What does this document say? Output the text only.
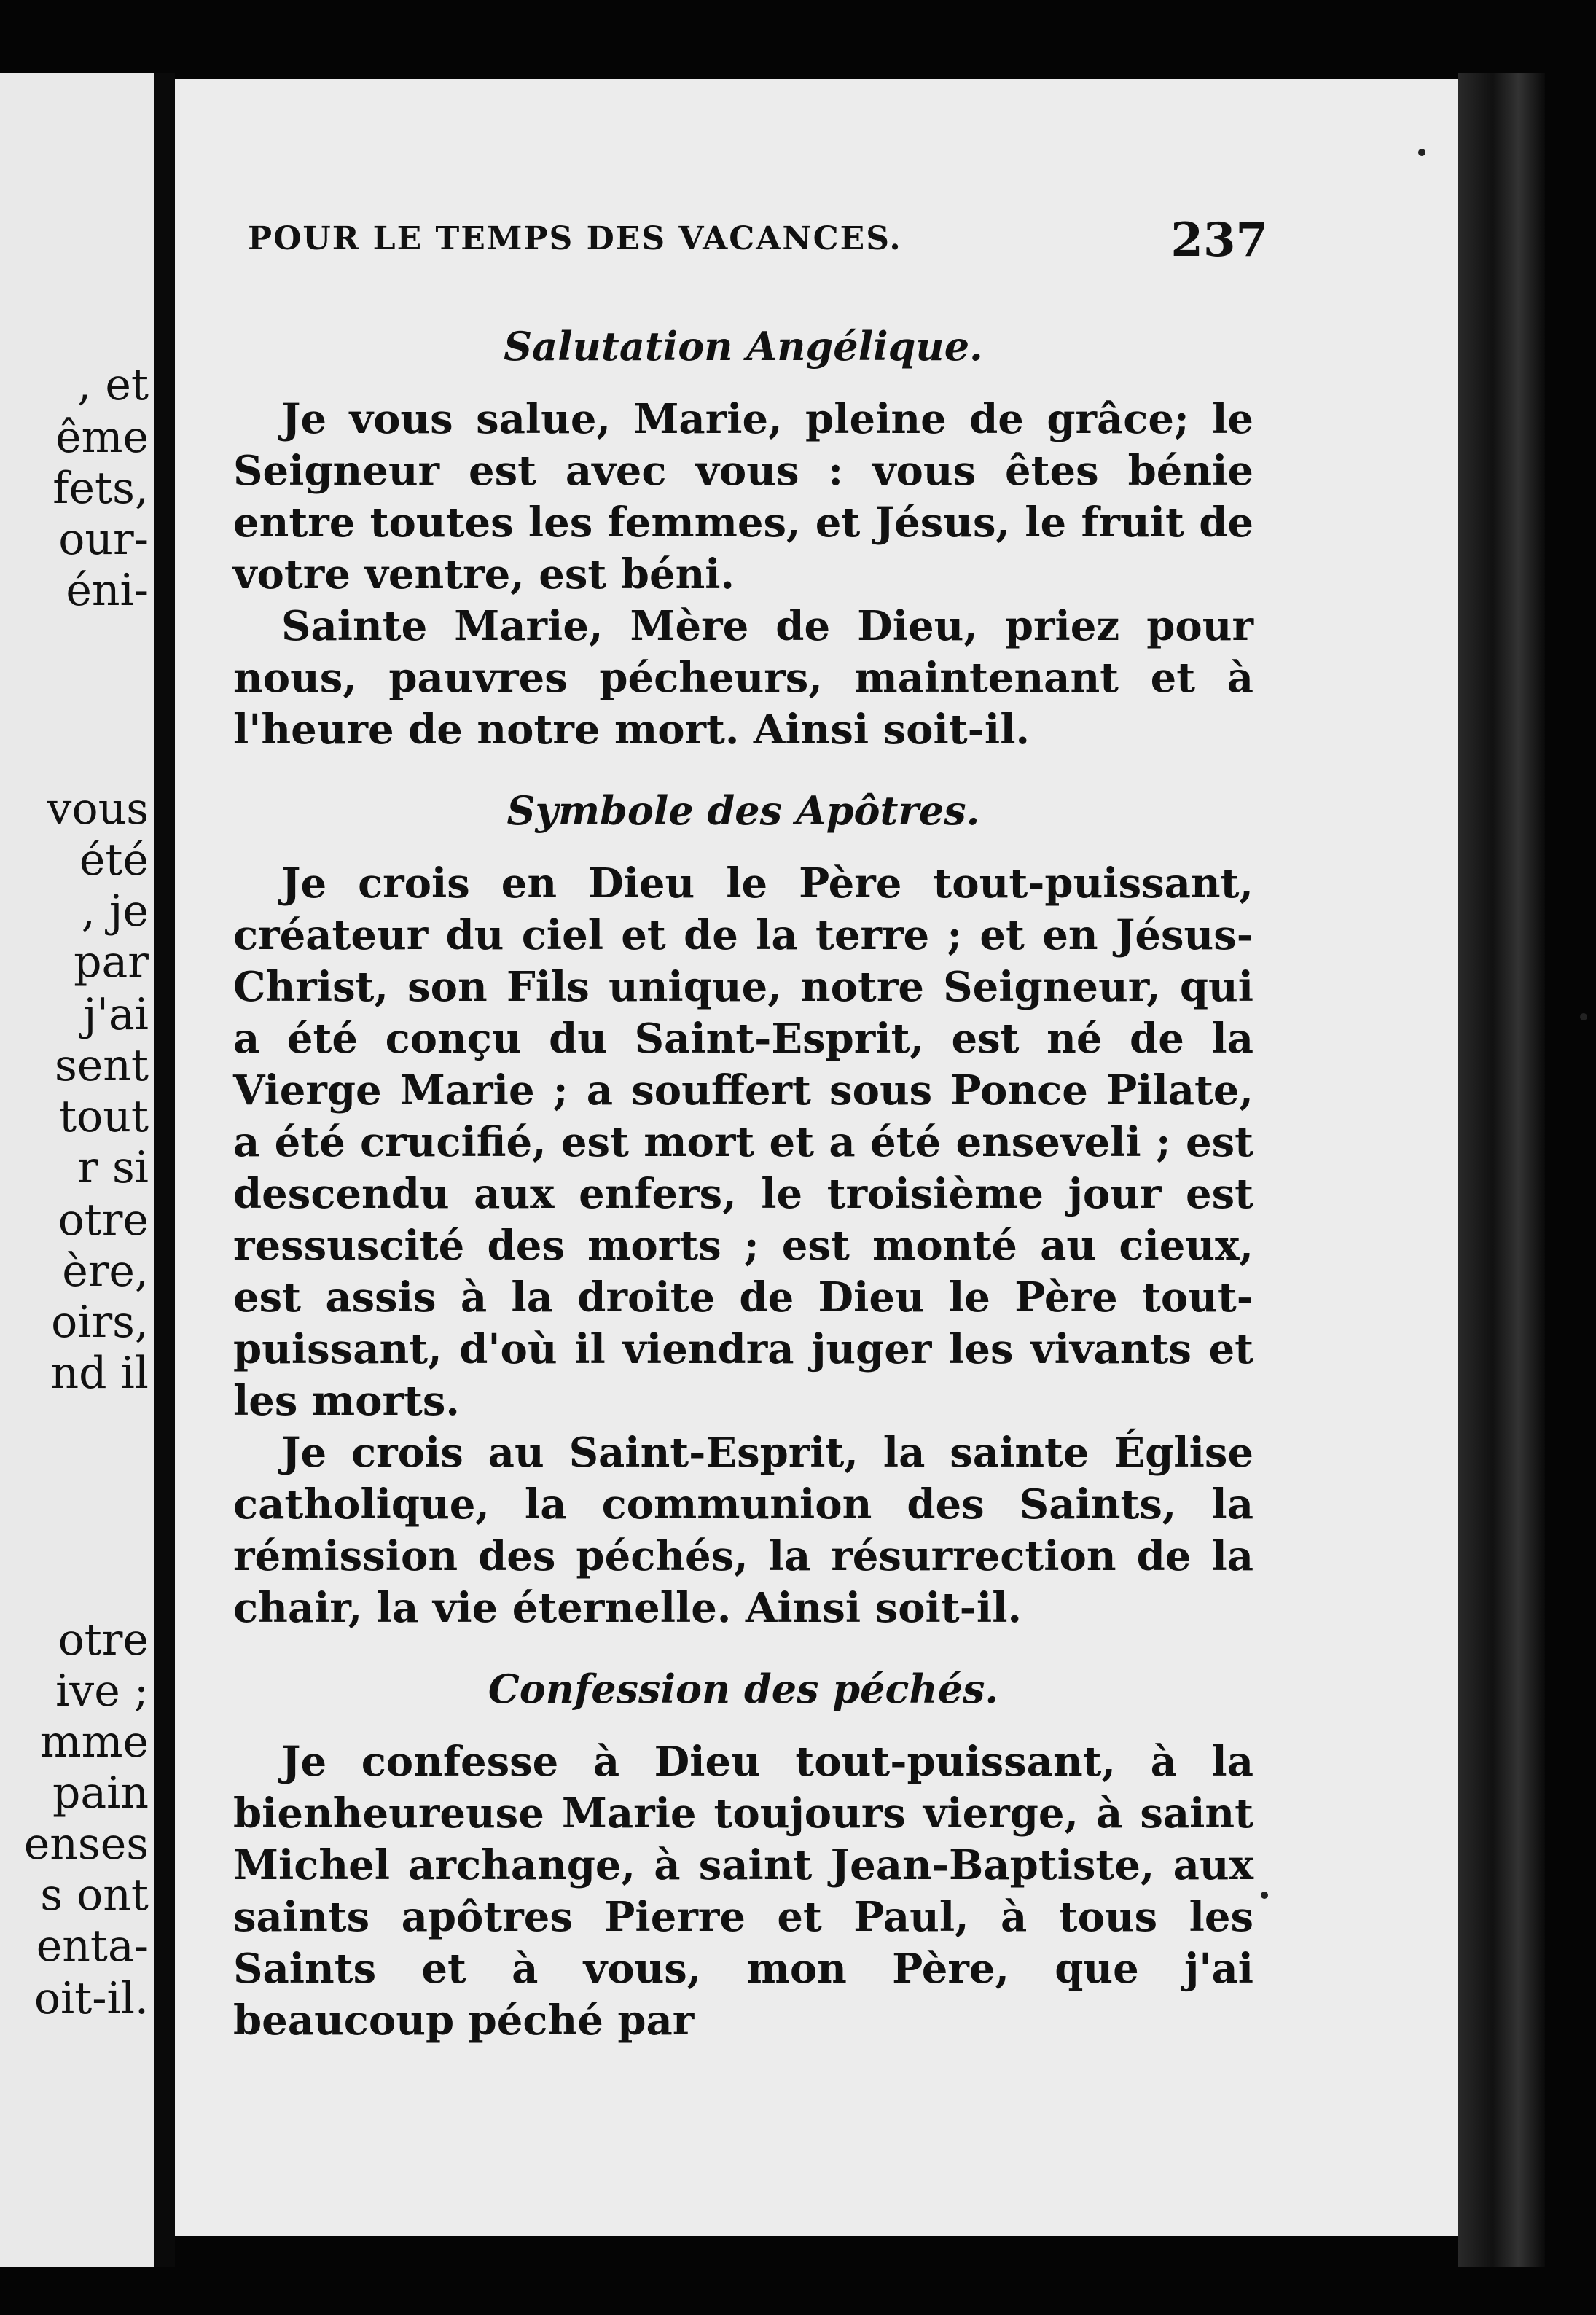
, et
ême
fets,
our-
éni-
vous
été
, je
par
j'ai
sent
tout
r si
otre
ère,
oirs,
nd il
otre
ive ;
mme
pain
enses
s ont
enta-
oit-il.
POUR LE TEMPS DES VACANCES.	237
Salutation Angélique.

Je vous salue, Marie, pleine de grâce; le Seigneur est avec vous : vous êtes bénie entre toutes les femmes, et Jésus, le fruit de votre ventre, est béni.

Sainte Marie, Mère de Dieu, priez pour nous, pauvres pécheurs, maintenant et à l'heure de notre mort. Ainsi soit-il.

Symbole des Apôtres.

Je crois en Dieu le Père tout-puissant, créateur du ciel et de la terre ; et en Jésus-Christ, son Fils unique, notre Seigneur, qui a été conçu du Saint-Esprit, est né de la Vierge Marie ; a souffert sous Ponce Pilate, a été crucifié, est mort et a été enseveli ; est descendu aux enfers, le troisième jour est ressuscité des morts ; est monté au cieux, est assis à la droite de Dieu le Père tout-puissant, d'où il viendra juger les vivants et les morts.

Je crois au Saint-Esprit, la sainte Église catholique, la communion des Saints, la rémission des péchés, la résurrection de la chair, la vie éternelle. Ainsi soit-il.

Confession des péchés.

Je confesse à Dieu tout-puissant, à la bienheureuse Marie toujours vierge, à saint Michel archange, à saint Jean-Baptiste, aux saints apôtres Pierre et Paul, à tous les Saints et à vous, mon Père, que j'ai beaucoup péché par
